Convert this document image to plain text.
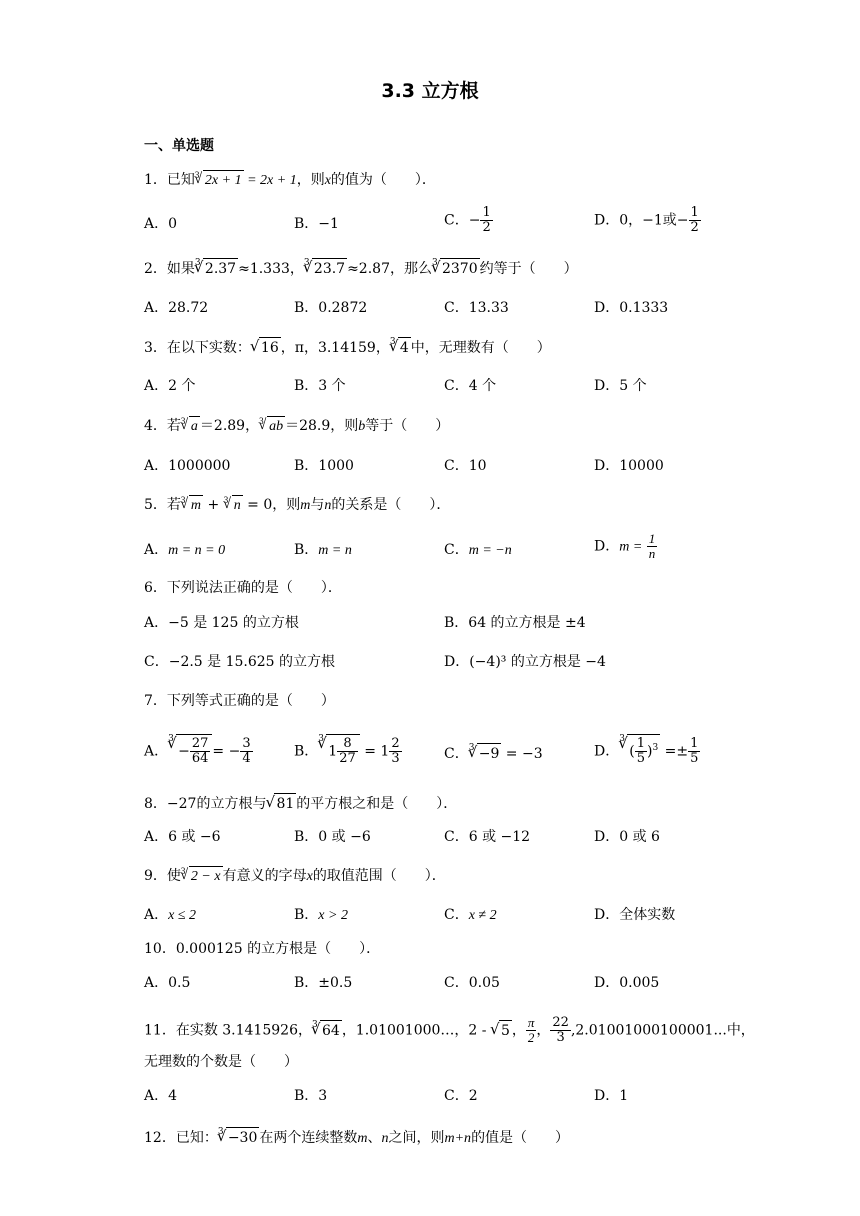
3.3 立方根
一、单选题
1．已知 √ 3 2x + 1 = 2x + 1，则x的值为（　　）．
A．0	B．−1	C．− $\frac{1}{2}$	D．0，−1或− $\frac{1}{2}$
2．如果 √ 3 2.37 ≈1.333， √ 3 23.7 ≈2.87，那么 √ 3 2370 约等于（　　）
A．28.72	B．0.2872	C．13.33	D．0.1333
3．在以下实数： √ 16 ，π，3.14159， √ 3 4 中，无理数有（　　）
A．2 个	B．3 个	C．4 个	D．5 个
4．若 √ 3 a ＝2.89， √ 3 ab ＝28.9，则b等于（　　）
A．1000000	B．1000	C．10	D．10000
5．若 √ 3 m + √ 3 n = 0，则m与n的关系是（　　）．
A．m = n = 0	B．m = n	C．m = −n	D．$m = \frac{1}{n}$
6．下列说法正确的是（　　）．
A．−5 是 125 的立方根	B．64 的立方根是 ±4
C．−2.5 是 15.625 的立方根	D．(−4)³ 的立方根是 −4
7．下列等式正确的是（　　）
A．
√ 3
− $\frac{27}{64}$ = − $\frac{3}{4}$	B．
√ 3
$1 \frac{8}{27} = 1 \frac{2}{3}$	C． √ 3 −9 = −3	D．
√ 3
( $\frac{1}{5} )^3 =\pm \frac{1}{5}$
8．−27的立方根与 √ 81 的平方根之和是（　　）．
A．6 或 −6	B．0 或 −6	C．6 或 −12	D．0 或 6
9．使 √ 3 2 − x 有意义的字母x的取值范围（　　）．
A．x ≤ 2	B．x > 2	C．x ≠ 2	D．全体实数
10．0.000125 的立方根是（　　）．
A．0.5	B．±0.5	C．0.05	D．0.005
11．在实数 3.1415926， √ 3 64 ，1.01001000…，2 - √ 5 ， $\frac{\pi}{2}$ ， $\frac{22}{3} ,2.01001000100001$...中，
无理数的个数是（　　）
A．4	B．3	C．2	D．1
12．已知： √ 3 −30 在两个连续整数m、n之间，则m+n的值是（　　）
